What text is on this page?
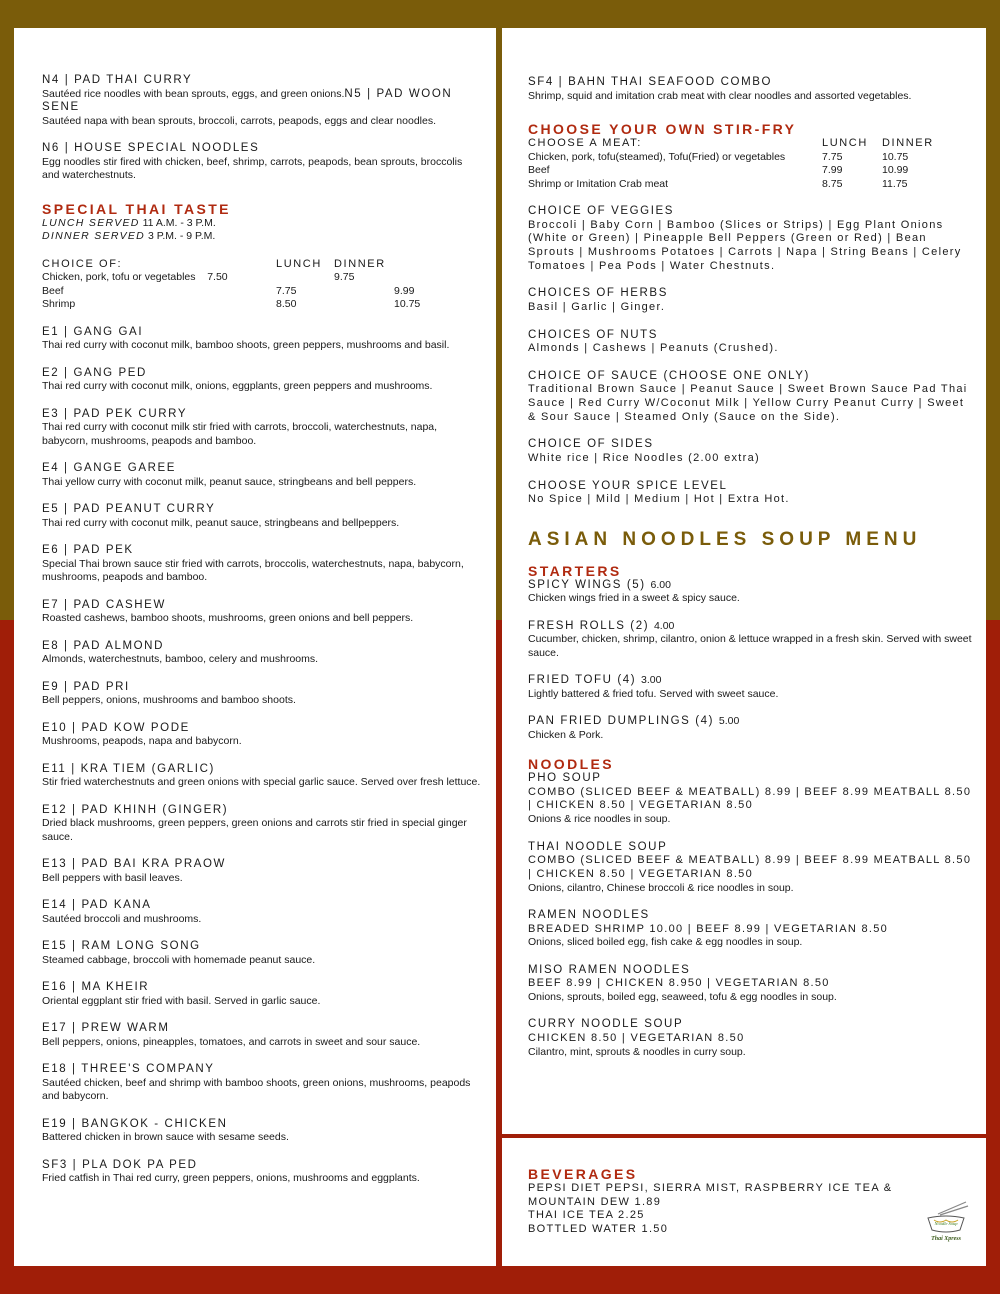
N4 | PAD THAI CURRY

Sautéed rice noodles with bean sprouts, eggs, and green onions.N5 | PAD WOON SENE

Sautéed napa with bean sprouts, broccoli, carrots, peapods, eggs and clear noodles.

N6 | HOUSE SPECIAL NOODLES

Egg noodles stir fired with chicken, beef, shrimp, carrots, peapods, bean sprouts, broccolis and waterchestnuts.

SPECIAL THAI TASTE

LUNCH SERVED 11 A.M. - 3 P.M.

DINNER SERVED 3 P.M. - 9 P.M.

CHOICE OF:	LUNCH	DINNER
Chicken, pork, tofu or vegetables 7.50		9.75
Beef	7.75	9.99
Shrimp	8.50	10.75

E1 | GANG GAI

Thai red curry with coconut milk, bamboo shoots, green peppers, mushrooms and basil.

E2 | GANG PED

Thai red curry with coconut milk, onions, eggplants, green peppers and mushrooms.

E3 | PAD PEK CURRY

Thai red curry with coconut milk stir fried with carrots, broccoli, waterchestnuts, napa, babycorn, mushrooms, peapods and bamboo.

E4 | GANGE GAREE

Thai yellow curry with coconut milk, peanut sauce, stringbeans and bell peppers.

E5 | PAD PEANUT CURRY

Thai red curry with coconut milk, peanut sauce, stringbeans and bellpeppers.

E6 | PAD PEK

Special Thai brown sauce stir fried with carrots, broccolis, waterchestnuts, napa, babycorn, mushrooms, peapods and bamboo.

E7 | PAD CASHEW

Roasted cashews, bamboo shoots, mushrooms, green onions and bell peppers.

E8 | PAD ALMOND

Almonds, waterchestnuts, bamboo, celery and mushrooms.

E9 | PAD PRI

Bell peppers, onions, mushrooms and bamboo shoots.

E10 | PAD KOW PODE

Mushrooms, peapods, napa and babycorn.

E11 | KRA TIEM (GARLIC)

Stir fried waterchestnuts and green onions with special garlic sauce. Served over fresh lettuce.

E12 | PAD KHINH (GINGER)

Dried black mushrooms, green peppers, green onions and carrots stir fried in special ginger sauce.

E13 | PAD BAI KRA PRAOW

Bell peppers with basil leaves.

E14 | PAD KANA

Sautéed broccoli and mushrooms.

E15 | RAM LONG SONG

Steamed cabbage, broccoli with homemade peanut sauce.

E16 | MA KHEIR

Oriental eggplant stir fried with basil. Served in garlic sauce.

E17 | PREW WARM

Bell peppers, onions, pineapples, tomatoes, and carrots in sweet and sour sauce.

E18 | THREE'S COMPANY

Sautéed chicken, beef and shrimp with bamboo shoots, green onions, mushrooms, peapods and babycorn.

E19 | BANGKOK - CHICKEN

Battered chicken in brown sauce with sesame seeds.

SF3 | PLA DOK PA PED

Fried catfish in Thai red curry, green peppers, onions, mushrooms and eggplants.

SF4 | BAHN THAI SEAFOOD COMBO

Shrimp, squid and imitation crab meat with clear noodles and assorted vegetables.

CHOOSE YOUR OWN STIR-FRY

CHOOSE A MEAT:	LUNCH	DINNER
Chicken, pork, tofu(steamed), Tofu(Fried) or vegetables	7.75	10.75
Beef	7.99	10.99
Shrimp or Imitation Crab meat	8.75	11.75

CHOICE OF VEGGIES

Broccoli | Baby Corn | Bamboo (Slices or Strips) | Egg Plant Onions (White or Green) | Pineapple Bell Peppers (Green or Red) | Bean Sprouts | Mushrooms Potatoes | Carrots | Napa | String Beans | Celery Tomatoes | Pea Pods | Water Chestnuts.

CHOICES OF HERBS

Basil | Garlic | Ginger.

CHOICES OF NUTS

Almonds | Cashews | Peanuts (Crushed).

CHOICE OF SAUCE (CHOOSE ONE ONLY)

Traditional Brown Sauce | Peanut Sauce | Sweet Brown Sauce Pad Thai Sauce | Red Curry W/Coconut Milk | Yellow Curry Peanut Curry | Sweet & Sour Sauce | Steamed Only (Sauce on the Side).

CHOICE OF SIDES

White rice | Rice Noodles (2.00 extra)

CHOOSE YOUR SPICE LEVEL

No Spice | Mild | Medium | Hot | Extra Hot.

ASIAN NOODLES SOUP MENU

STARTERS

SPICY WINGS (5) 6.00

Chicken wings fried in a sweet & spicy sauce.

FRESH ROLLS (2) 4.00

Cucumber, chicken, shrimp, cilantro, onion & lettuce wrapped in a fresh skin. Served with sweet sauce.

FRIED TOFU (4) 3.00

Lightly battered & fried tofu. Served with sweet sauce.

PAN FRIED DUMPLINGS (4) 5.00

Chicken & Pork.

NOODLES

PHO SOUP

COMBO (SLICED BEEF & MEATBALL) 8.99 | BEEF 8.99 MEATBALL 8.50 | CHICKEN 8.50 | VEGETARIAN 8.50

Onions & rice noodles in soup.

THAI NOODLE SOUP

COMBO (SLICED BEEF & MEATBALL) 8.99 | BEEF 8.99 MEATBALL 8.50 | CHICKEN 8.50 | VEGETARIAN 8.50

Onions, cilantro, Chinese broccoli & rice noodles in soup.

RAMEN NOODLES

BREADED SHRIMP 10.00 | BEEF 8.99 | VEGETARIAN 8.50

Onions, sliced boiled egg, fish cake & egg noodles in soup.

MISO RAMEN NOODLES

BEEF 8.99 | CHICKEN 8.950 | VEGETARIAN 8.50

Onions, sprouts, boiled egg, seaweed, tofu & egg noodles in soup.

CURRY NOODLE SOUP

CHICKEN 8.50 | VEGETARIAN 8.50

Cilantro, mint, sprouts & noodles in curry soup.

BEVERAGES

PEPSI DIET PEPSI, SIERRA MIST, RASPBERRY ICE TEA & MOUNTAIN DEW 1.89

THAI ICE TEA 2.25

BOTTLED WATER 1.50	Noodle Soup
Thai Xpress
